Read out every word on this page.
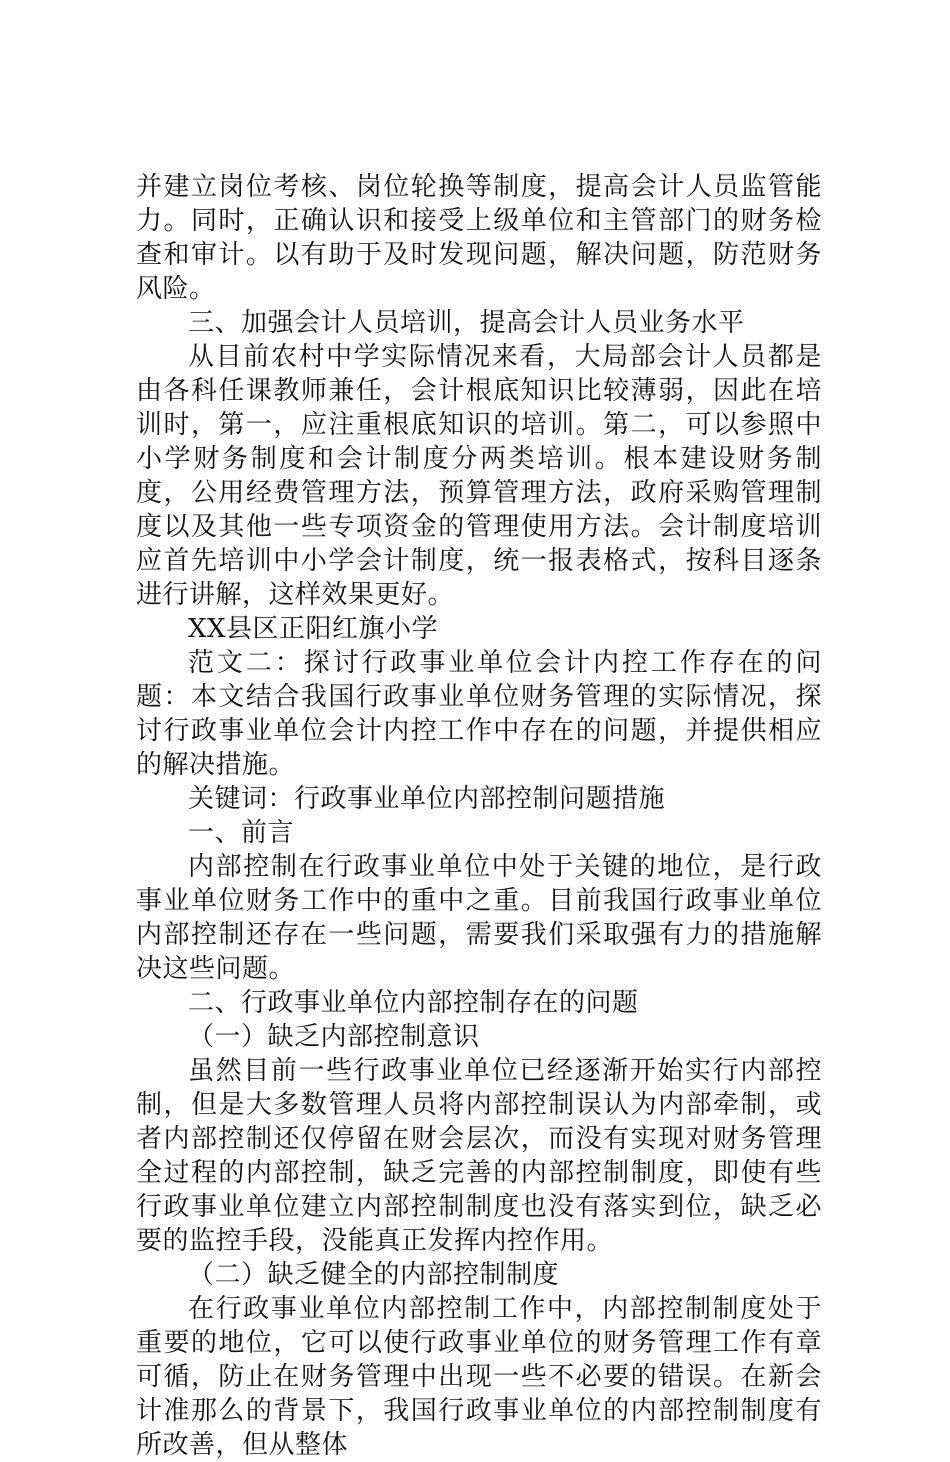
并建立岗位考核、岗位轮换等制度，提高会计人员监管能力。同时，正确认识和接受上级单位和主管部门的财务检查和审计。以有助于及时发现问题，解决问题，防范财务风险。

三、加强会计人员培训，提高会计人员业务水平

从目前农村中学实际情况来看，大局部会计人员都是由各科任课教师兼任，会计根底知识比较薄弱，因此在培训时，第一，应注重根底知识的培训。第二，可以参照中小学财务制度和会计制度分两类培训。根本建设财务制度，公用经费管理方法，预算管理方法，政府采购管理制度以及其他一些专项资金的管理使用方法。会计制度培训应首先培训中小学会计制度，统一报表格式，按科目逐条进行讲解，这样效果更好。

XX县区正阳红旗小学

范文二：探讨行政事业单位会计内控工作存在的问题：本文结合我国行政事业单位财务管理的实际情况，探讨行政事业单位会计内控工作中存在的问题，并提供相应的解决措施。

关键词：行政事业单位内部控制问题措施

一、前言

内部控制在行政事业单位中处于关键的地位，是行政事业单位财务工作中的重中之重。目前我国行政事业单位内部控制还存在一些问题，需要我们采取强有力的措施解决这些问题。

二、行政事业单位内部控制存在的问题

（一）缺乏内部控制意识

虽然目前一些行政事业单位已经逐渐开始实行内部控制，但是大多数管理人员将内部控制误认为内部牵制，或者内部控制还仅停留在财会层次，而没有实现对财务管理全过程的内部控制，缺乏完善的内部控制制度，即使有些行政事业单位建立内部控制制度也没有落实到位，缺乏必要的监控手段，没能真正发挥内控作用。

（二）缺乏健全的内部控制制度

在行政事业单位内部控制工作中，内部控制制度处于重要的地位，它可以使行政事业单位的财务管理工作有章可循，防止在财务管理中出现一些不必要的错误。在新会计准那么的背景下，我国行政事业单位的内部控制制度有所改善，但从整体
